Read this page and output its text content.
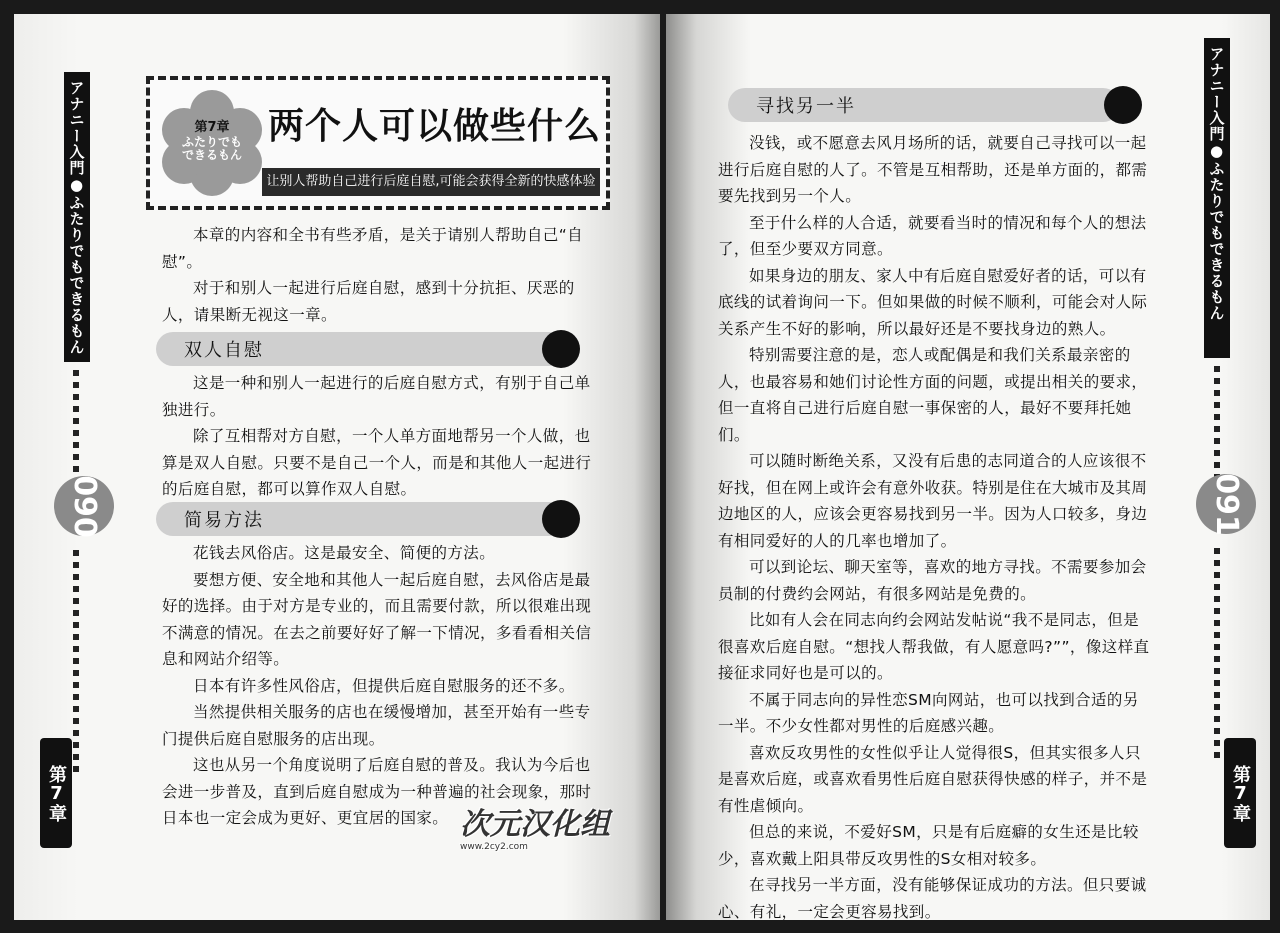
アナニー入門●ふたりでもできるもん
090
第7章
第7章
ふたりでも
できるもん
两个人可以做些什么
让别人帮助自己进行后庭自慰,可能会获得全新的快感体验

本章的内容和全书有些矛盾，是关于请别人帮助自己“自慰”。

对于和别人一起进行后庭自慰，感到十分抗拒、厌恶的人，请果断无视这一章。

双人自慰

这是一种和别人一起进行的后庭自慰方式，有别于自己单独进行。

除了互相帮对方自慰，一个人单方面地帮另一个人做，也算是双人自慰。只要不是自己一个人，而是和其他人一起进行的后庭自慰，都可以算作双人自慰。

简易方法

花钱去风俗店。这是最安全、简便的方法。

要想方便、安全地和其他人一起后庭自慰，去风俗店是最好的选择。由于对方是专业的，而且需要付款，所以很难出现不满意的情况。在去之前要好好了解一下情况，多看看相关信息和网站介绍等。

日本有许多性风俗店，但提供后庭自慰服务的还不多。

当然提供相关服务的店也在缓慢增加，甚至开始有一些专门提供后庭自慰服务的店出现。

这也从另一个角度说明了后庭自慰的普及。我认为今后也会进一步普及，直到后庭自慰成为一种普遍的社会现象，那时日本也一定会成为更好、更宜居的国家。 次元汉化组
www.2cy2.com
寻找另一半

没钱，或不愿意去风月场所的话，就要自己寻找可以一起进行后庭自慰的人了。不管是互相帮助，还是单方面的，都需要先找到另一个人。

至于什么样的人合适，就要看当时的情况和每个人的想法了，但至少要双方同意。

如果身边的朋友、家人中有后庭自慰爱好者的话，可以有底线的试着询问一下。但如果做的时候不顺利，可能会对人际关系产生不好的影响，所以最好还是不要找身边的熟人。

特别需要注意的是，恋人或配偶是和我们关系最亲密的人，也最容易和她们讨论性方面的问题，或提出相关的要求，但一直将自己进行后庭自慰一事保密的人，最好不要拜托她们。

可以随时断绝关系，又没有后患的志同道合的人应该很不好找，但在网上或许会有意外收获。特别是住在大城市及其周边地区的人，应该会更容易找到另一半。因为人口较多，身边有相同爱好的人的几率也增加了。

可以到论坛、聊天室等，喜欢的地方寻找。不需要参加会员制的付费约会网站，有很多网站是免费的。

比如有人会在同志向约会网站发帖说“我不是同志，但是很喜欢后庭自慰。“想找人帮我做，有人愿意吗?””，像这样直接征求同好也是可以的。

不属于同志向的异性恋SM向网站，也可以找到合适的另一半。不少女性都对男性的后庭感兴趣。

喜欢反攻男性的女性似乎让人觉得很S，但其实很多人只是喜欢后庭，或喜欢看男性后庭自慰获得快感的样子，并不是有性虐倾向。

但总的来说，不爱好SM，只是有后庭癖的女生还是比较少，喜欢戴上阳具带反攻男性的S女相对较多。

在寻找另一半方面，没有能够保证成功的方法。但只要诚心、有礼，一定会更容易找到。

アナニー入門●ふたりでもできるもん
091
第7章
